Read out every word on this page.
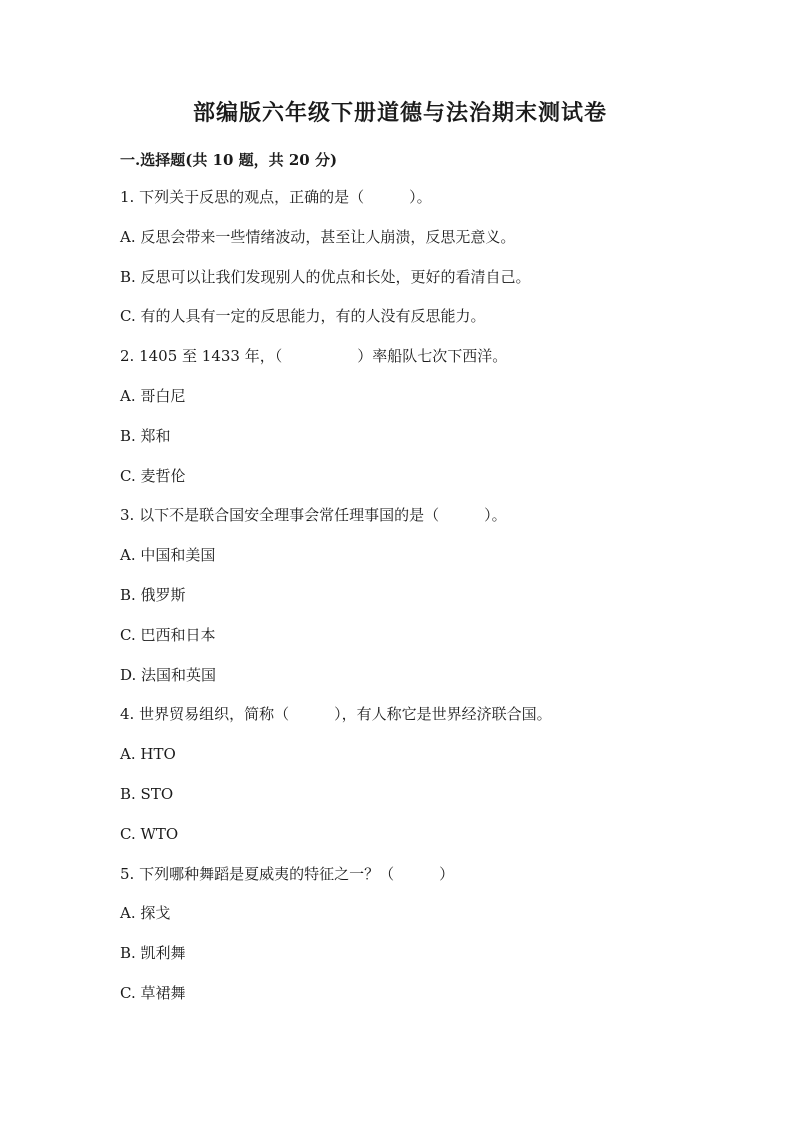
部编版六年级下册道德与法治期末测试卷
一.选择题(共 10 题，共 20 分)
1. 下列关于反思的观点，正确的是（　　　）。
A. 反思会带来一些情绪波动，甚至让人崩溃，反思无意义。
B. 反思可以让我们发现别人的优点和长处，更好的看清自己。
C. 有的人具有一定的反思能力，有的人没有反思能力。
2. 1405 至 1433 年，（　　　　　）率船队七次下西洋。
A. 哥白尼
B. 郑和
C. 麦哲伦
3. 以下不是联合国安全理事会常任理事国的是（　　　）。
A. 中国和美国
B. 俄罗斯
C. 巴西和日本
D. 法国和英国
4. 世界贸易组织，简称（　　　），有人称它是世界经济联合国。
A. HTO
B. STO
C. WTO
5. 下列哪种舞蹈是夏威夷的特征之一？（　　　）
A. 探戈
B. 凯利舞
C. 草裙舞
